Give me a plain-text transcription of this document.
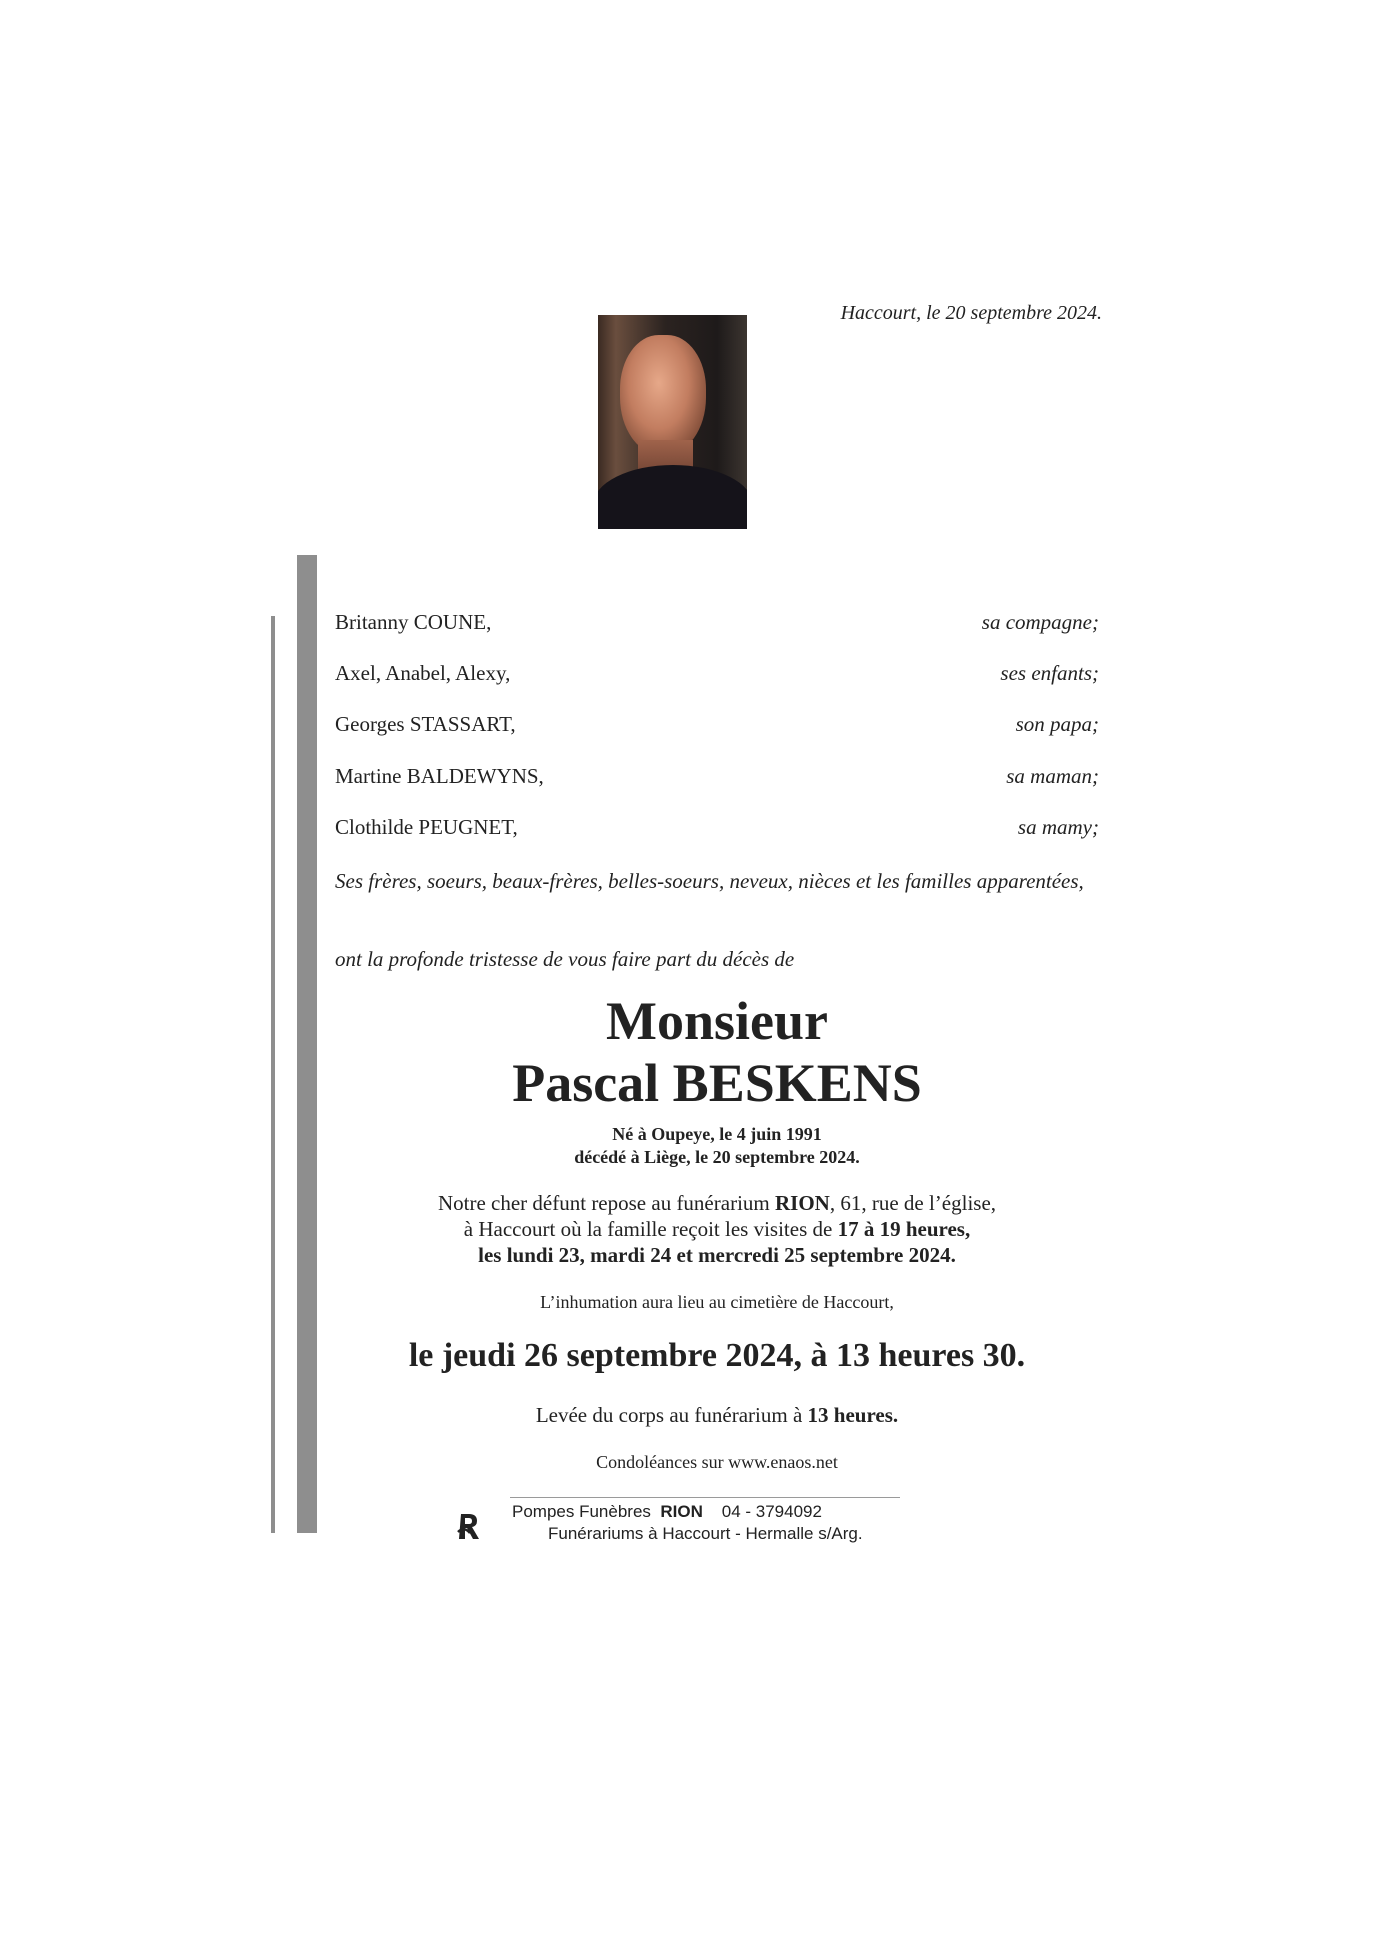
Haccourt, le 20 septembre 2024.
Britanny COUNE,	sa compagne;
Axel, Anabel, Alexy,	ses enfants;
Georges STASSART,	son papa;
Martine BALDEWYNS,	sa maman;
Clothilde PEUGNET,	sa mamy;
Ses frères, soeurs, beaux-frères, belles-soeurs, neveux, nièces et les familles apparentées,
ont la profonde tristesse de vous faire part du décès de
Monsieur
Pascal BESKENS
Né à Oupeye, le 4 juin 1991
décédé à Liège, le 20 septembre 2024.
Notre cher défunt repose au funérarium RION, 61, rue de l’église,
à Haccourt où la famille reçoit les visites de 17 à 19 heures,
les lundi 23, mardi 24 et mercredi 25 septembre 2024.
L’inhumation aura lieu au cimetière de Haccourt,
le jeudi 26 septembre 2024, à 13 heures 30.
Levée du corps au funérarium à 13 heures.
Condoléances sur www.enaos.net
Pompes Funèbres  RION    04 - 3794092
Funérariums à Haccourt - Hermalle s/Arg.
